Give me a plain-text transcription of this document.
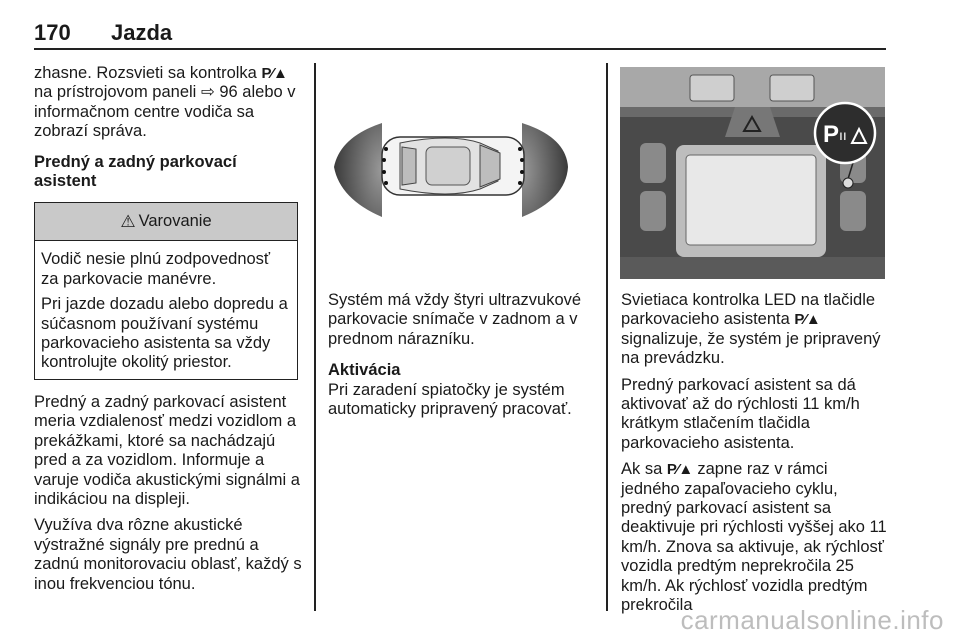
170 Jazda

zhasne. Rozsvieti sa kontrolka P⁄▲
na prístrojovom paneli ⇨ 96 alebo v
informačnom centre vodiča sa
zobrazí správa.

Predný a zadný parkovací
asistent
⚠ Varovanie

Vodič nesie plnú zodpovednosť za parkovacie manévre.

Pri jazde dozadu alebo dopredu a súčasnom používaní systému parkovacieho asistenta sa vždy kontrolujte okolitý priestor.

Predný a zadný parkovací asistent meria vzdialenosť medzi vozidlom a prekážkami, ktoré sa nachádzajú pred a za vozidlom. Informuje a varuje vodiča akustickými signálmi a indikáciou na displeji.

Využíva dva rôzne akustické výstražné signály pre prednú a zadnú monitorovaciu oblasť, každý s inou frekvenciou tónu.

Systém má vždy štyri ultrazvukové parkovacie snímače v zadnom a v prednom nárazníku.

Aktivácia

Pri zaradení spiatočky je systém automaticky pripravený pracovať.

P ıı

Svietiaca kontrolka LED na tlačidle parkovacieho asistenta P⁄▲ signalizuje, že systém je pripravený na prevádzku.

Predný parkovací asistent sa dá aktivovať až do rýchlosti 11 km/h krátkym stlačením tlačidla parkovacieho asistenta.

Ak sa P⁄▲ zapne raz v rámci jedného zapaľovacieho cyklu, predný parkovací asistent sa deaktivuje pri rýchlosti vyššej ako 11 km/h. Znova sa aktivuje, ak rýchlosť vozidla predtým neprekročila 25 km/h. Ak rýchlosť vozidla predtým prekročila

carmanualsonline.info
